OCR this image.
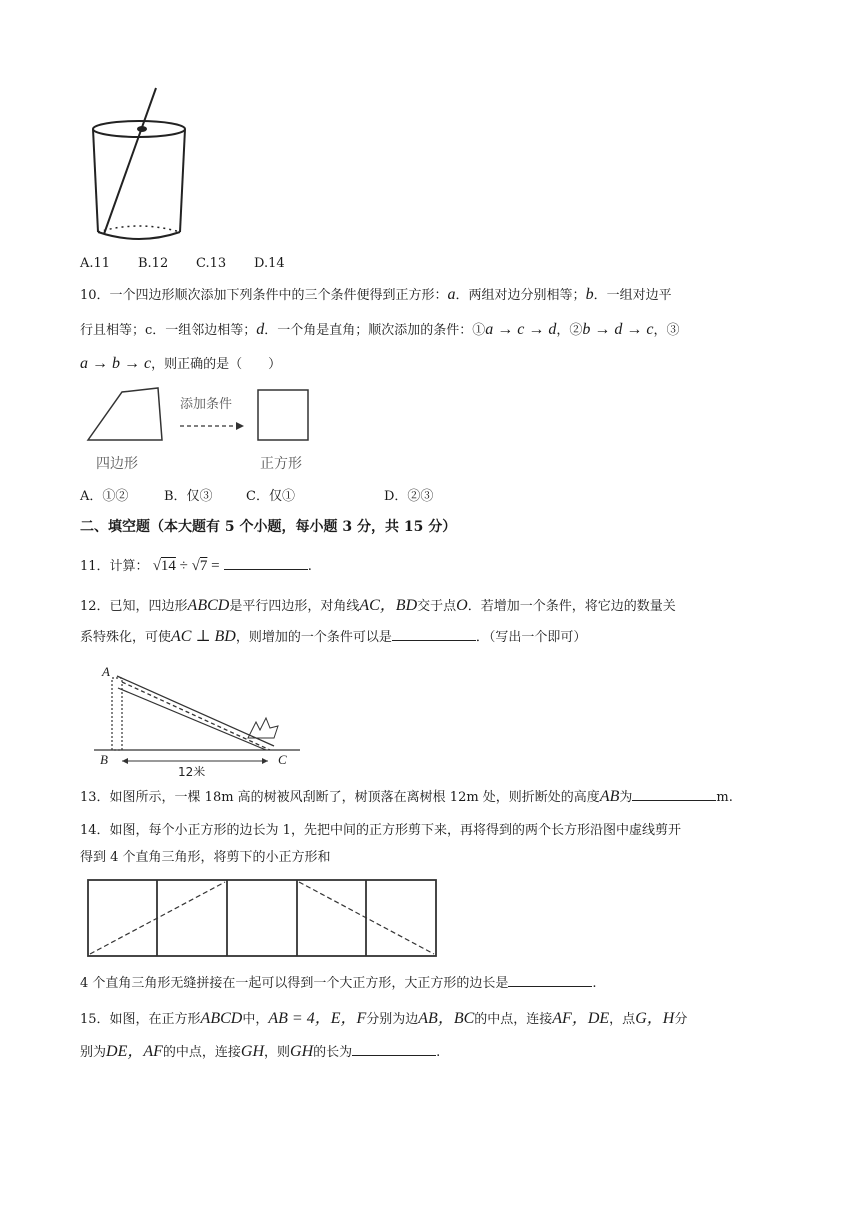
A.11 B.12 C.13 D.14
10．一个四边形顺次添加下列条件中的三个条件便得到正方形：a．两组对边分别相等；b．一组对边平
行且相等；c．一组邻边相等；d．一个角是直角；顺次添加的条件：①a → c → d，②b → d → c，③
a → b → c，则正确的是（　　）
四边形
添加条件
正方形
A．①②	B．仅③	C．仅①	D．②③
二、填空题（本大题有 5 个小题，每小题 3 分，共 15 分）
11．计算： √14 ÷ √7 =	.
12．已知，四边形ABCD是平行四边形，对角线AC，BD交于点O．若增加一个条件，将它边的数量关
系特殊化，可使AC ⊥ BD，则增加的一个条件可以是	．（写出一个即可）
A
B	C
12米
13．如图所示，一棵 18m 高的树被风刮断了，树顶落在离树根 12m 处，则折断处的高度AB为	m.
14．如图，每个小正方形的边长为 1，先把中间的正方形剪下来，再将得到的两个长方形沿图中虚线剪开
得到 4 个直角三角形，将剪下的小正方形和
4 个直角三角形无缝拼接在一起可以得到一个大正方形，大正方形的边长是	.
15．如图，在正方形ABCD中，AB = 4，E，F分别为边AB，BC的中点，连接AF，DE，点G，H分
别为DE，AF的中点，连接GH，则GH的长为	.
